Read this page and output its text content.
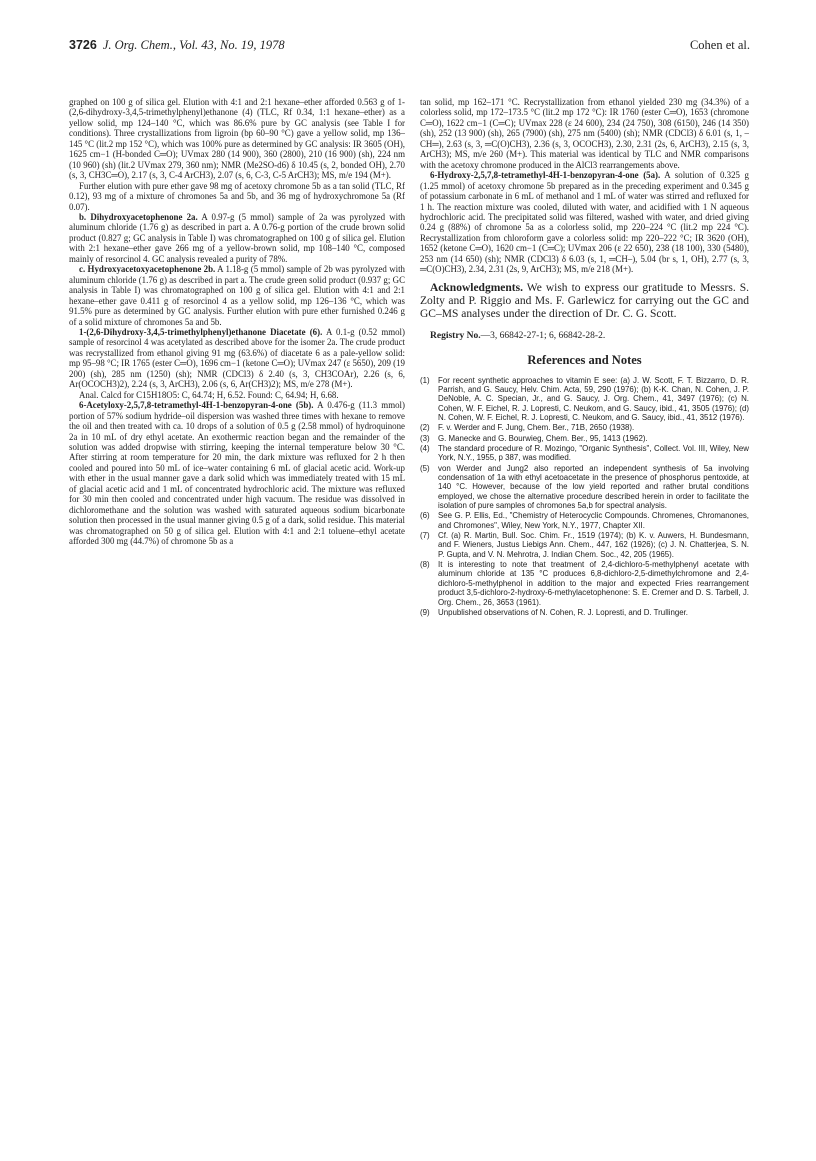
3726 J. Org. Chem., Vol. 43, No. 19, 1978	Cohen et al.

graphed on 100 g of silica gel. Elution with 4:1 and 2:1 hexane–ether afforded 0.563 g of 1-(2,6-dihydroxy-3,4,5-trimethylphenyl)ethanone (4) (TLC, Rf 0.34, 1:1 hexane–ether) as a yellow solid, mp 124–140 °C, which was 86.6% pure by GC analysis (see Table I for conditions). Three crystallizations from ligroin (bp 60–90 °C) gave a yellow solid, mp 136–145 °C (lit.2 mp 152 °C), which was 100% pure as determined by GC analysis: IR 3605 (OH), 1625 cm−1 (H-bonded C═O); UVmax 280 (14 900), 360 (2800), 210 (16 900) (sh), 224 nm (10 960) (sh) (lit.2 UVmax 279, 360 nm); NMR (Me2SO-d6) δ 10.45 (s, 2, bonded OH), 2.70 (s, 3, CH3C═O), 2.17 (s, 3, C-4 ArCH3), 2.07 (s, 6, C-3, C-5 ArCH3); MS, m/e 194 (M+).

Further elution with pure ether gave 98 mg of acetoxy chromone 5b as a tan solid (TLC, Rf 0.12), 93 mg of a mixture of chromones 5a and 5b, and 36 mg of hydroxychromone 5a (Rf 0.07).

b. Dihydroxyacetophenone 2a. A 0.97-g (5 mmol) sample of 2a was pyrolyzed with aluminum chloride (1.76 g) as described in part a. A 0.76-g portion of the crude brown solid product (0.827 g; GC analysis in Table I) was chromatographed on 100 g of silica gel. Elution with 2:1 hexane–ether gave 266 mg of a yellow-brown solid, mp 108–140 °C, composed mainly of resorcinol 4. GC analysis revealed a purity of 78%.

c. Hydroxyacetoxyacetophenone 2b. A 1.18-g (5 mmol) sample of 2b was pyrolyzed with aluminum chloride (1.76 g) as described in part a. The crude green solid product (0.937 g; GC analysis in Table I) was chromatographed on 100 g of silica gel. Elution with 4:1 and 2:1 hexane–ether gave 0.411 g of resorcinol 4 as a yellow solid, mp 126–136 °C, which was 91.5% pure as determined by GC analysis. Further elution with pure ether furnished 0.246 g of a solid mixture of chromones 5a and 5b.

1-(2,6-Dihydroxy-3,4,5-trimethylphenyl)ethanone Diacetate (6). A 0.1-g (0.52 mmol) sample of resorcinol 4 was acetylated as described above for the isomer 2a. The crude product was recrystallized from ethanol giving 91 mg (63.6%) of diacetate 6 as a pale-yellow solid: mp 95–98 °C; IR 1765 (ester C═O), 1696 cm−1 (ketone C═O); UVmax 247 (ε 5650), 209 (19 200) (sh), 285 nm (1250) (sh); NMR (CDCl3) δ 2.40 (s, 3, CH3COAr), 2.26 (s, 6, Ar(OCOCH3)2), 2.24 (s, 3, ArCH3), 2.06 (s, 6, Ar(CH3)2); MS, m/e 278 (M+).

Anal. Calcd for C15H18O5: C, 64.74; H, 6.52. Found: C, 64.94; H, 6.68.

6-Acetyloxy-2,5,7,8-tetramethyl-4H-1-benzopyran-4-one (5b). A 0.476-g (11.3 mmol) portion of 57% sodium hydride–oil dispersion was washed three times with hexane to remove the oil and then treated with ca. 10 drops of a solution of 0.5 g (2.58 mmol) of hydroquinone 2a in 10 mL of dry ethyl acetate. An exothermic reaction began and the remainder of the solution was added dropwise with stirring, keeping the internal temperature below 30 °C. After stirring at room temperature for 20 min, the dark mixture was refluxed for 2 h then cooled and poured into 50 mL of ice–water containing 6 mL of glacial acetic acid. Work-up with ether in the usual manner gave a dark solid which was immediately treated with 15 mL of glacial acetic acid and 1 mL of concentrated hydrochloric acid. The mixture was refluxed for 30 min then cooled and concentrated under high vacuum. The residue was dissolved in dichloromethane and the solution was washed with saturated aqueous sodium bicarbonate solution then processed in the usual manner giving 0.5 g of a dark, solid residue. This material was chromatographed on 50 g of silica gel. Elution with 4:1 and 2:1 toluene–ethyl acetate afforded 300 mg (44.7%) of chromone 5b as a

tan solid, mp 162–171 °C. Recrystallization from ethanol yielded 230 mg (34.3%) of a colorless solid, mp 172–173.5 °C (lit.2 mp 172 °C): IR 1760 (ester C═O), 1653 (chromone C═O), 1622 cm−1 (C═C); UVmax 228 (ε 24 600), 234 (24 750), 308 (6150), 246 (14 350) (sh), 252 (13 900) (sh), 265 (7900) (sh), 275 nm (5400) (sh); NMR (CDCl3) δ 6.01 (s, 1, –CH═), 2.63 (s, 3, ═C(O)CH3), 2.36 (s, 3, OCOCH3), 2.30, 2.31 (2s, 6, ArCH3), 2.15 (s, 3, ArCH3); MS, m/e 260 (M+). This material was identical by TLC and NMR comparisons with the acetoxy chromone produced in the AlCl3 rearrangements above.

6-Hydroxy-2,5,7,8-tetramethyl-4H-1-benzopyran-4-one (5a). A solution of 0.325 g (1.25 mmol) of acetoxy chromone 5b prepared as in the preceding experiment and 0.345 g of potassium carbonate in 6 mL of methanol and 1 mL of water was stirred and refluxed for 1 h. The reaction mixture was cooled, diluted with water, and acidified with 1 N aqueous hydrochloric acid. The precipitated solid was filtered, washed with water, and dried giving 0.24 g (88%) of chromone 5a as a colorless solid, mp 220–224 °C (lit.2 mp 224 °C). Recrystallization from chloroform gave a colorless solid: mp 220–222 °C; IR 3620 (OH), 1652 (ketone C═O), 1620 cm−1 (C═C); UVmax 206 (ε 22 650), 238 (18 100), 330 (5480), 253 nm (14 650) (sh); NMR (CDCl3) δ 6.03 (s, 1, ═CH–), 5.04 (br s, 1, OH), 2.77 (s, 3, ═C(O)CH3), 2.34, 2.31 (2s, 9, ArCH3); MS, m/e 218 (M+).

Acknowledgments. We wish to express our gratitude to Messrs. S. Zolty and P. Riggio and Ms. F. Garlewicz for carrying out the GC and GC–MS analyses under the direction of Dr. C. G. Scott.

Registry No.—3, 66842-27-1; 6, 66842-28-2.

References and Notes
(1)	For recent synthetic approaches to vitamin E see: (a) J. W. Scott, F. T. Bizzarro, D. R. Parrish, and G. Saucy, Helv. Chim. Acta, 59, 290 (1976); (b) K-K. Chan, N. Cohen, J. P. DeNoble, A. C. Specian, Jr., and G. Saucy, J. Org. Chem., 41, 3497 (1976); (c) N. Cohen, W. F. Eichel, R. J. Lopresti, C. Neukom, and G. Saucy, ibid., 41, 3505 (1976); (d) N. Cohen, W. F. Eichel, R. J. Lopresti, C. Neukom, and G. Saucy, ibid., 41, 3512 (1976).
(2)	F. v. Werder and F. Jung, Chem. Ber., 71B, 2650 (1938).
(3)	G. Manecke and G. Bourwieg, Chem. Ber., 95, 1413 (1962).
(4)	The standard procedure of R. Mozingo, "Organic Synthesis", Collect. Vol. III, Wiley, New York, N.Y., 1955, p 387, was modified.
(5)	von Werder and Jung2 also reported an independent synthesis of 5a involving condensation of 1a with ethyl acetoacetate in the presence of phosphorus pentoxide, at 140 °C. However, because of the low yield reported and rather brutal conditions employed, we chose the alternative procedure described herein in order to facilitate the isolation of pure samples of chromones 5a,b for spectral analysis.
(6)	See G. P. Ellis, Ed., "Chemistry of Heterocyclic Compounds. Chromenes, Chromanones, and Chromones", Wiley, New York, N.Y., 1977, Chapter XII.
(7)	Cf. (a) R. Martin, Bull. Soc. Chim. Fr., 1519 (1974); (b) K. v. Auwers, H. Bundesmann, and F. Wieners, Justus Liebigs Ann. Chem., 447, 162 (1926); (c) J. N. Chatterjea, S. N. P. Gupta, and V. N. Mehrotra, J. Indian Chem. Soc., 42, 205 (1965).
(8)	It is interesting to note that treatment of 2,4-dichloro-5-methylphenyl acetate with aluminum chloride at 135 °C produces 6,8-dichloro-2,5-dimethylchromone and 2,4-dichloro-5-methylphenol in addition to the major and expected Fries rearrangement product 3,5-dichloro-2-hydroxy-6-methylacetophenone: S. E. Cremer and D. S. Tarbell, J. Org. Chem., 26, 3653 (1961).
(9)	Unpublished observations of N. Cohen, R. J. Lopresti, and D. Trullinger.
